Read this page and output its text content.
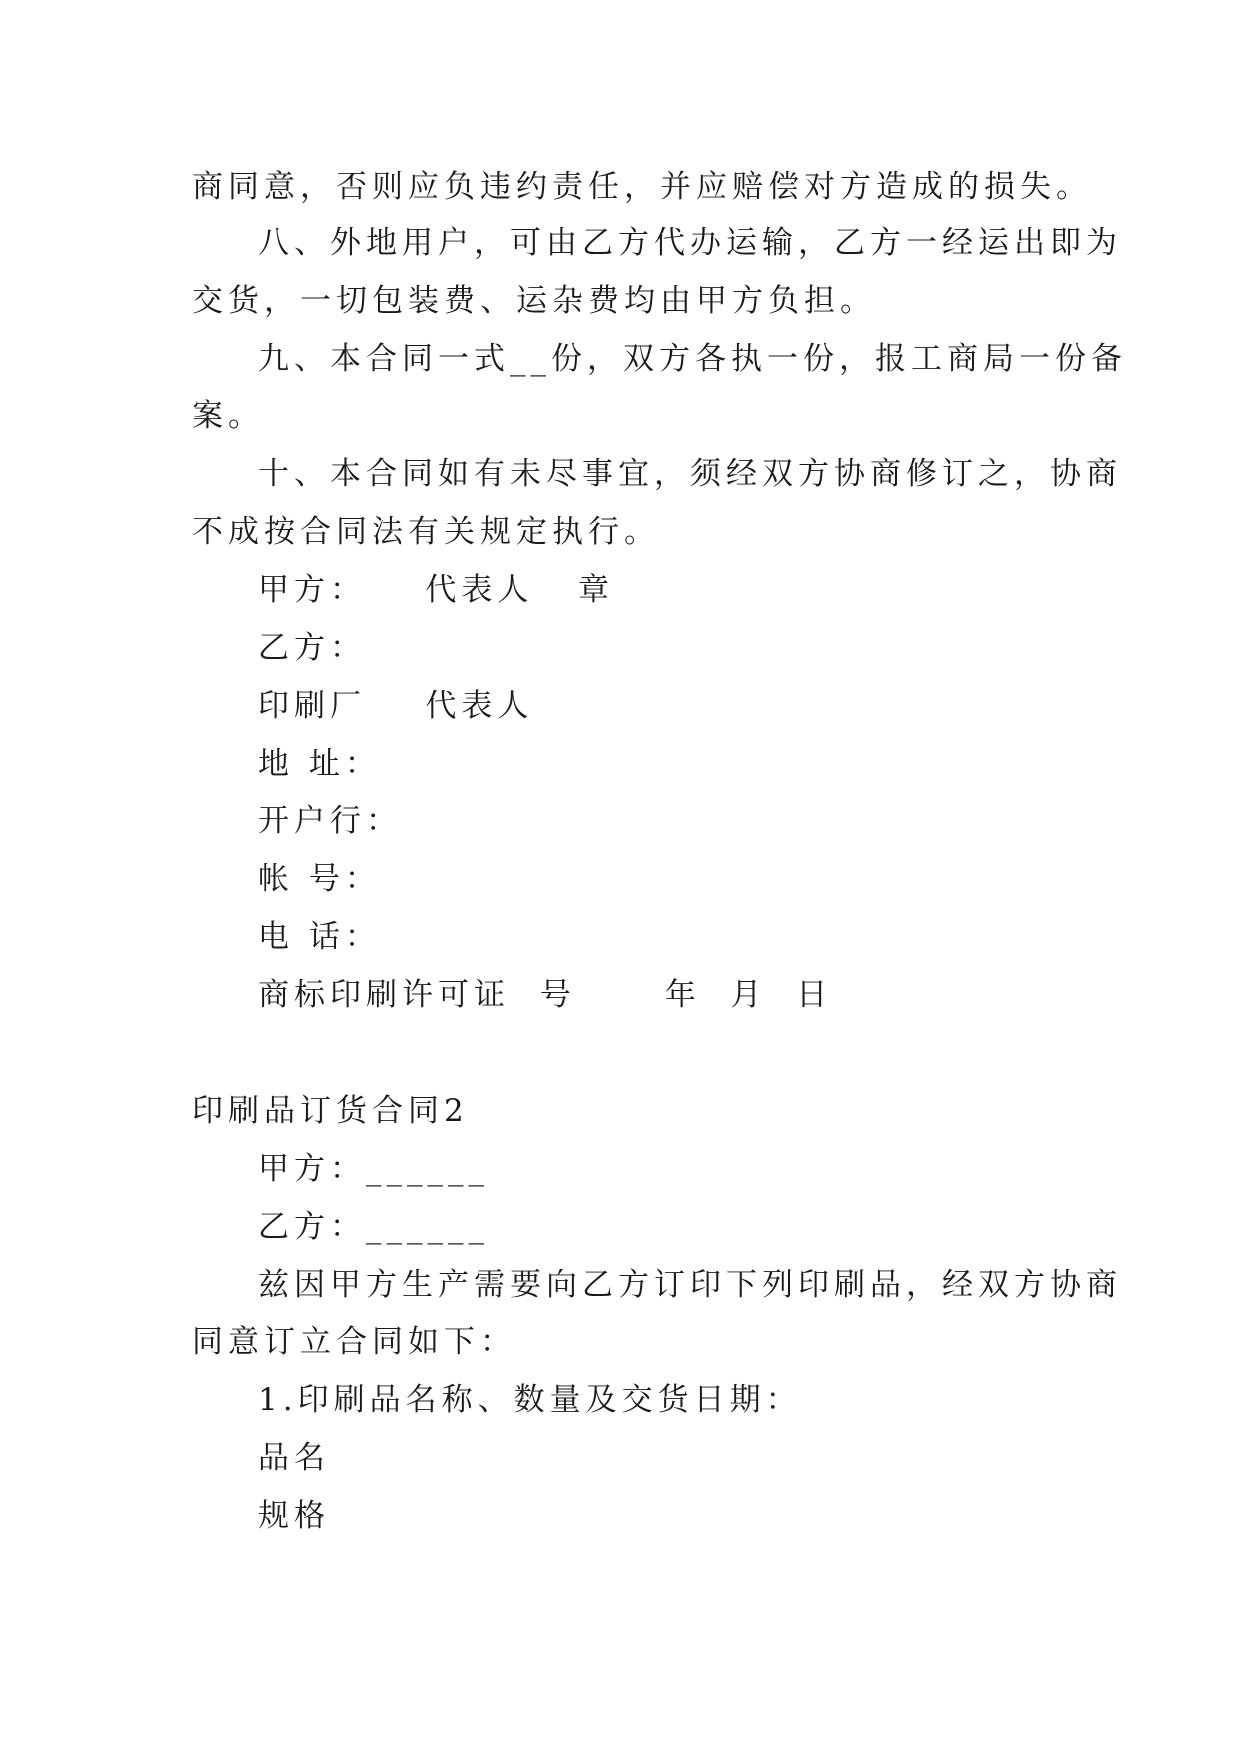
商同意，否则应负违约责任，并应赔偿对方造成的损失。
八、外地用户，可由乙方代办运输，乙方一经运出即为
交货，一切包装费、运杂费均由甲方负担。
九、本合同一式__份，双方各执一份，报工商局一份备
案。
十、本合同如有未尽事宜，须经双方协商修订之，协商
不成按合同法有关规定执行。
甲方：    代表人   章
乙方：
印刷厂    代表人
地 址：
开户行：
帐 号：
电 话：
商标印刷许可证  号      年  月  日
印刷品订货合同2
甲方：______
乙方：______
兹因甲方生产需要向乙方订印下列印刷品，经双方协商
同意订立合同如下：
1.印刷品名称、数量及交货日期：
品名
规格
